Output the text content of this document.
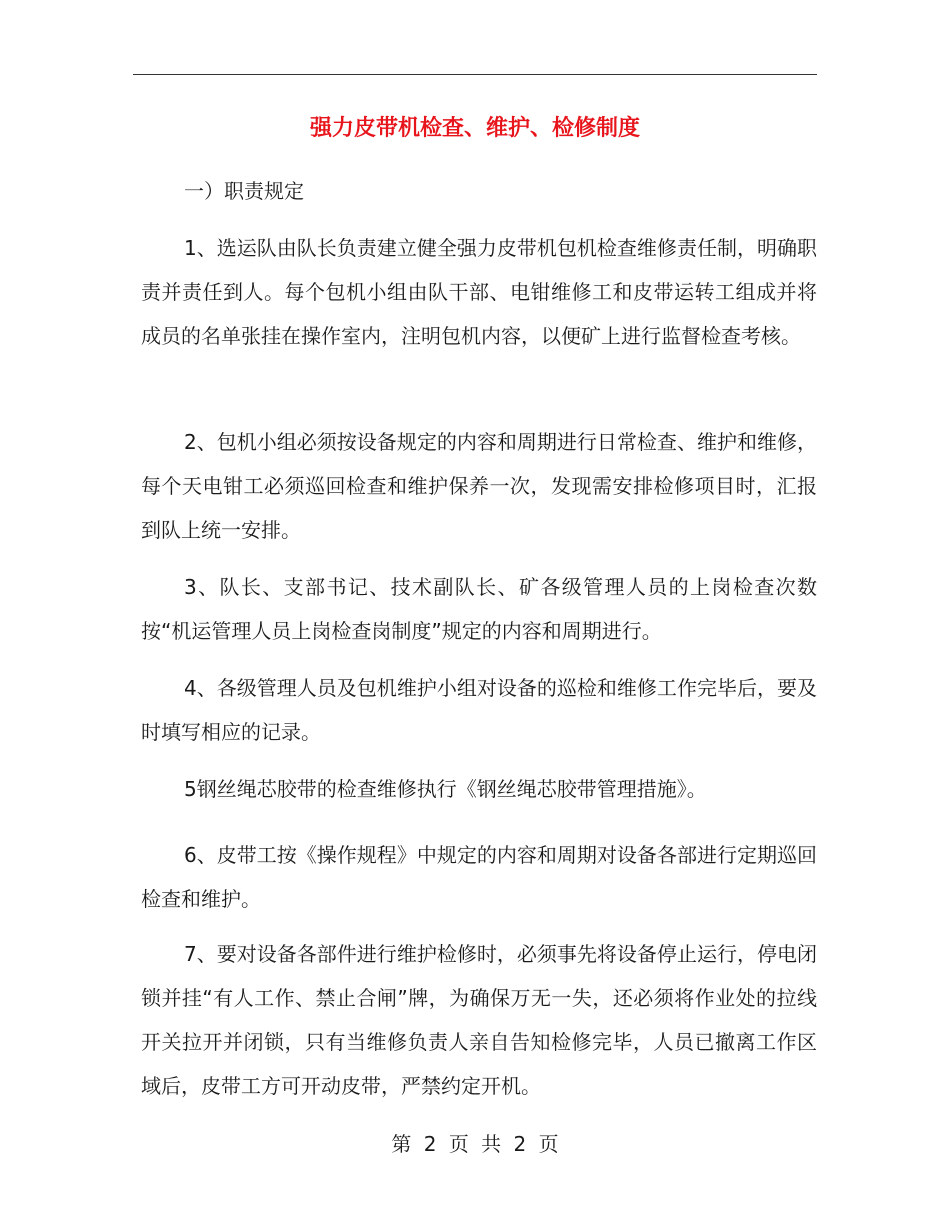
强力皮带机检查、维护、检修制度
一）职责规定
1、选运队由队长负责建立健全强力皮带机包机检查维修责任制，明确职责并责任到人。每个包机小组由队干部、电钳维修工和皮带运转工组成并将成员的名单张挂在操作室内，注明包机内容，以便矿上进行监督检查考核。
2、包机小组必须按设备规定的内容和周期进行日常检查、维护和维修，每个天电钳工必须巡回检查和维护保养一次，发现需安排检修项目时，汇报到队上统一安排。
3、队长、支部书记、技术副队长、矿各级管理人员的上岗检查次数按“机运管理人员上岗检查岗制度”规定的内容和周期进行。
4、各级管理人员及包机维护小组对设备的巡检和维修工作完毕后，要及时填写相应的记录。
5钢丝绳芯胶带的检查维修执行《钢丝绳芯胶带管理措施》。
6、皮带工按《操作规程》中规定的内容和周期对设备各部进行定期巡回检查和维护。
7、要对设备各部件进行维护检修时，必须事先将设备停止运行，停电闭锁并挂“有人工作、禁止合闸”牌，为确保万无一失，还必须将作业处的拉线开关拉开并闭锁，只有当维修负责人亲自告知检修完毕，人员已撤离工作区域后，皮带工方可开动皮带，严禁约定开机。
第 2 页 共 2 页
